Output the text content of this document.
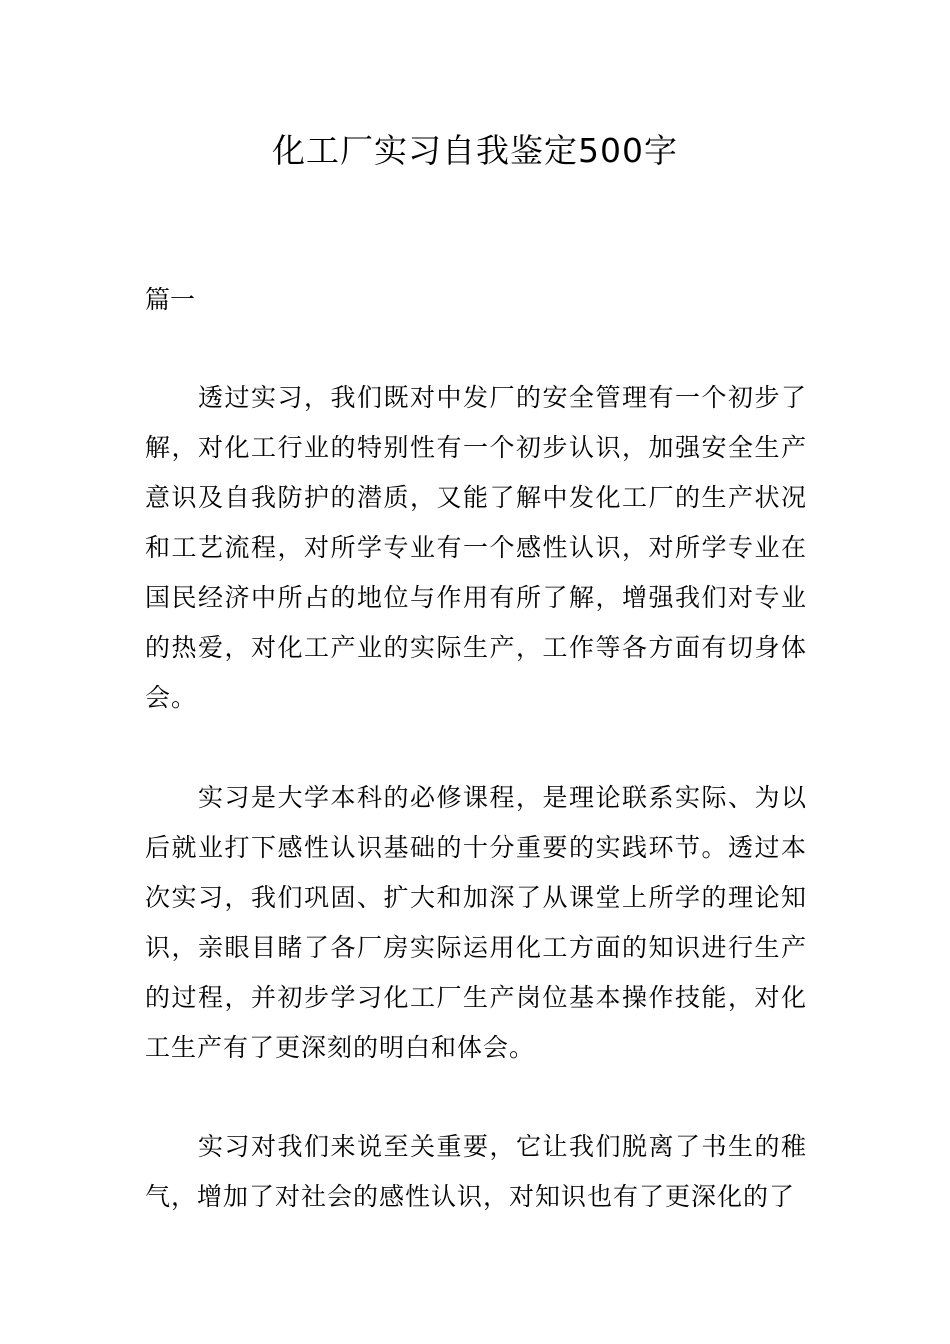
化工厂实习自我鉴定500字

篇一

透过实习，我们既对中发厂的安全管理有一个初步了解，对化工行业的特别性有一个初步认识，加强安全生产意识及自我防护的潜质，又能了解中发化工厂的生产状况和工艺流程，对所学专业有一个感性认识，对所学专业在国民经济中所占的地位与作用有所了解，增强我们对专业的热爱，对化工产业的实际生产，工作等各方面有切身体会。

实习是大学本科的必修课程，是理论联系实际、为以后就业打下感性认识基础的十分重要的实践环节。透过本次实习，我们巩固、扩大和加深了从课堂上所学的理论知识，亲眼目睹了各厂房实际运用化工方面的知识进行生产的过程，并初步学习化工厂生产岗位基本操作技能，对化工生产有了更深刻的明白和体会。

实习对我们来说至关重要，它让我们脱离了书生的稚气，增加了对社会的感性认识，对知识也有了更深化的了
